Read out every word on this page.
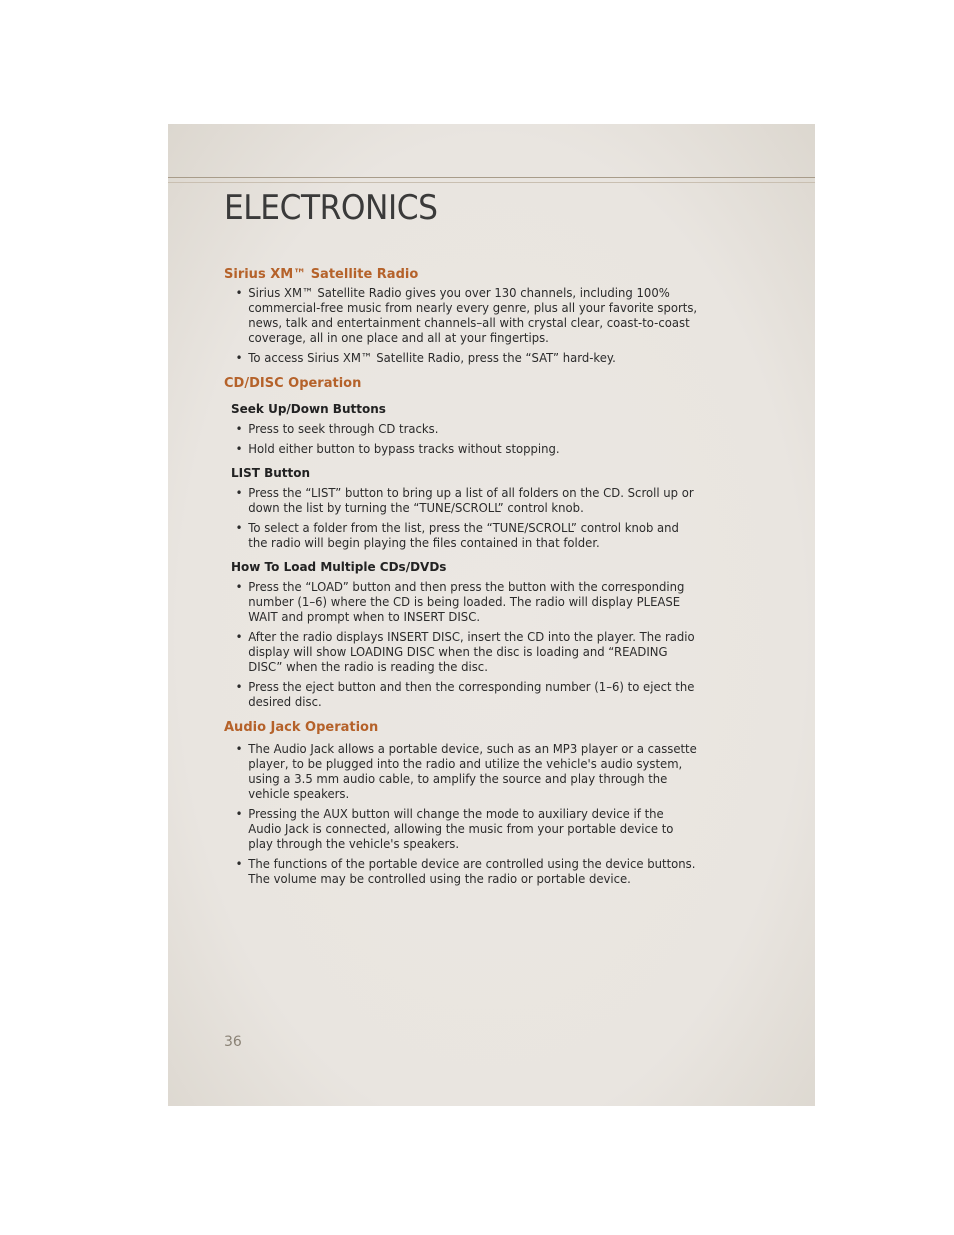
ELECTRONICS
Sirius XM™ Satellite Radio
• Sirius XM™ Satellite Radio gives you over 130 channels, including 100% commercial-free music from nearly every genre, plus all your favorite sports, news, talk and entertainment channels–all with crystal clear, coast-to-coast coverage, all in one place and all at your fingertips.
• To access Sirius XM™ Satellite Radio, press the “SAT” hard-key.
CD/DISC Operation
Seek Up/Down Buttons
• Press to seek through CD tracks.
• Hold either button to bypass tracks without stopping.
LIST Button
• Press the “LIST” button to bring up a list of all folders on the CD. Scroll up or down the list by turning the “TUNE/SCROLL” control knob.
• To select a folder from the list, press the “TUNE/SCROLL” control knob and the radio will begin playing the files contained in that folder.
How To Load Multiple CDs/DVDs
• Press the “LOAD” button and then press the button with the corresponding number (1–6) where the CD is being loaded. The radio will display PLEASE WAIT and prompt when to INSERT DISC.
• After the radio displays INSERT DISC, insert the CD into the player. The radio display will show LOADING DISC when the disc is loading and “READING DISC” when the radio is reading the disc.
• Press the eject button and then the corresponding number (1–6) to eject the desired disc.
Audio Jack Operation
• The Audio Jack allows a portable device, such as an MP3 player or a cassette player, to be plugged into the radio and utilize the vehicle's audio system, using a 3.5 mm audio cable, to amplify the source and play through the vehicle speakers.
• Pressing the AUX button will change the mode to auxiliary device if the Audio Jack is connected, allowing the music from your portable device to play through the vehicle's speakers.
• The functions of the portable device are controlled using the device buttons. The volume may be controlled using the radio or portable device.
36
